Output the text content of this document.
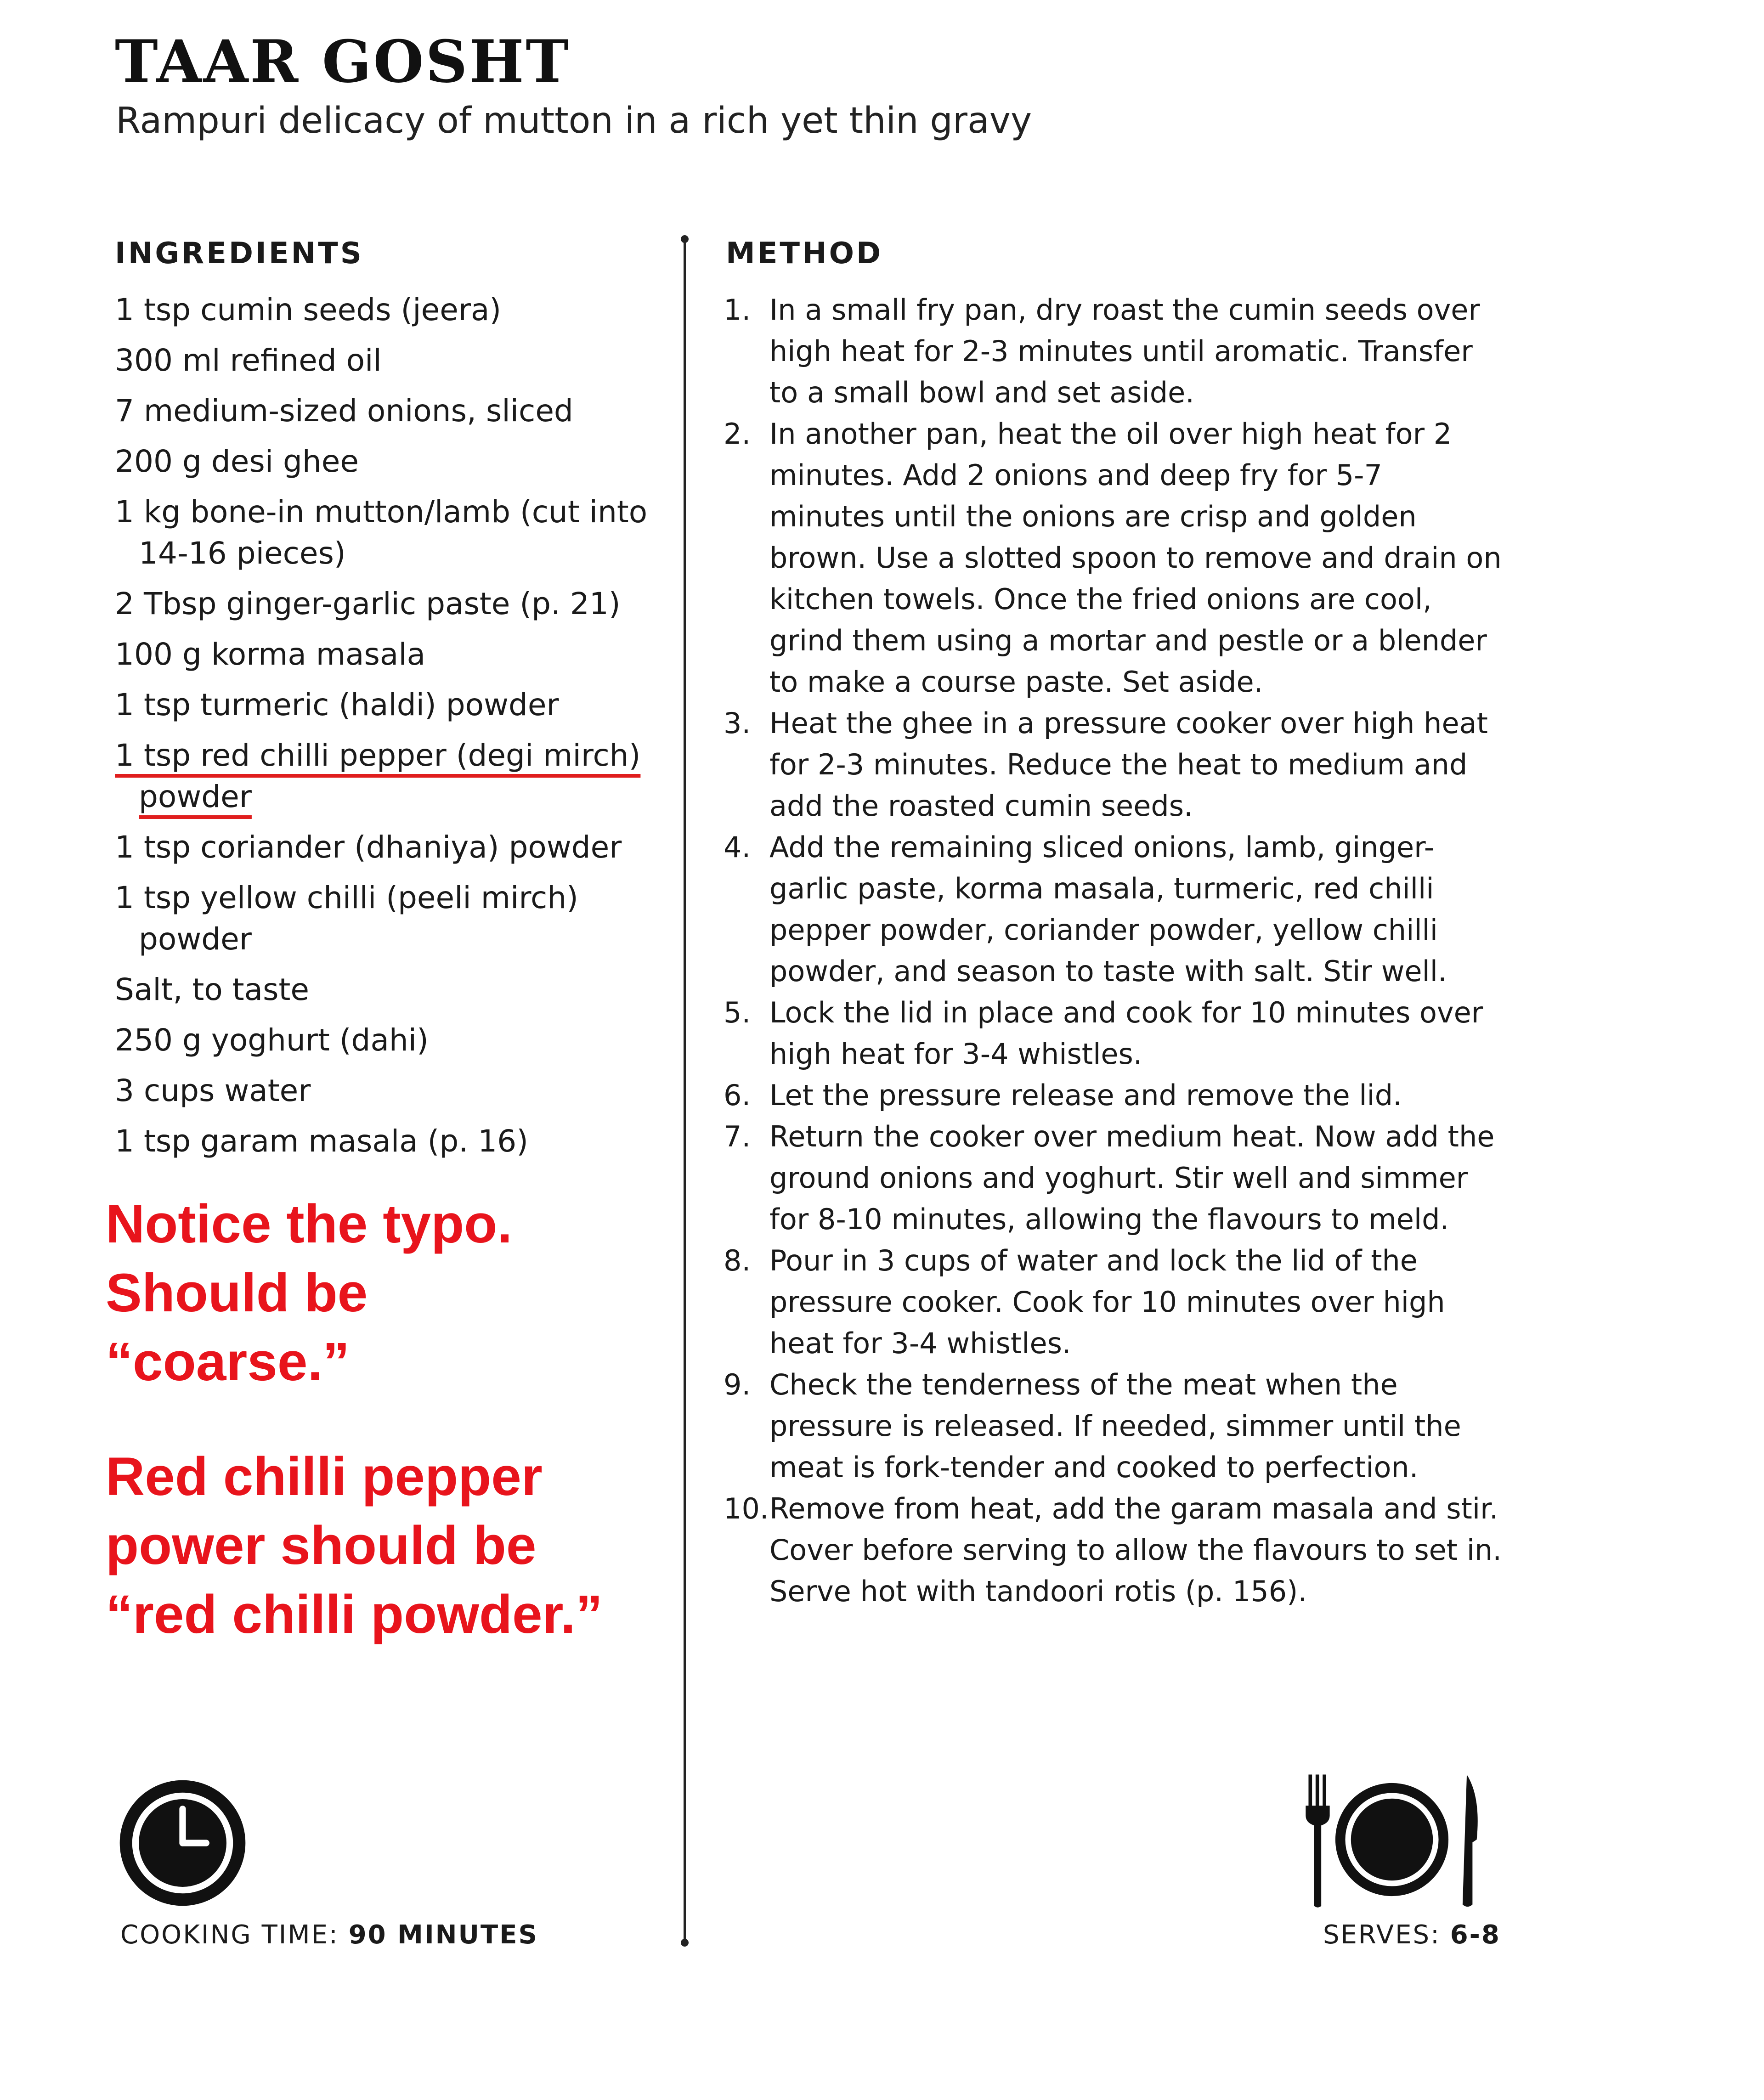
TAAR GOSHT

Rampuri delicacy of mutton in a rich yet thin gravy

INGREDIENTS
1 tsp cumin seeds (jeera)
300 ml refined oil
7 medium-sized onions, sliced
200 g desi ghee
1 kg bone-in mutton/lamb (cut into 14-16 pieces)
2 Tbsp ginger-garlic paste (p. 21)
100 g korma masala
1 tsp turmeric (haldi) powder
1 tsp red chilli pepper (degi mirch) powder
1 tsp coriander (dhaniya) powder
1 tsp yellow chilli (peeli mirch) powder
Salt, to taste
250 g yoghurt (dahi)
3 cups water
1 tsp garam masala (p. 16)
Notice the typo. Should be “coarse.”
Red chilli pepper power should be “red chilli powder.”
METHOD
1. In a small fry pan, dry roast the cumin seeds over high heat for 2-3 minutes until aromatic. Transfer to a small bowl and set aside.
2. In another pan, heat the oil over high heat for 2 minutes. Add 2 onions and deep fry for 5-7 minutes until the onions are crisp and golden brown. Use a slotted spoon to remove and drain on kitchen towels. Once the fried onions are cool, grind them using a mortar and pestle or a blender to make a course paste. Set aside.
3. Heat the ghee in a pressure cooker over high heat for 2-3 minutes. Reduce the heat to medium and add the roasted cumin seeds.
4. Add the remaining sliced onions, lamb, ginger-garlic paste, korma masala, turmeric, red chilli pepper powder, coriander powder, yellow chilli powder, and season to taste with salt. Stir well.
5. Lock the lid in place and cook for 10 minutes over high heat for 3-4 whistles.
6. Let the pressure release and remove the lid.
7. Return the cooker over medium heat. Now add the ground onions and yoghurt. Stir well and simmer for 8-10 minutes, allowing the flavours to meld.
8. Pour in 3 cups of water and lock the lid of the pressure cooker. Cook for 10 minutes over high heat for 3-4 whistles.
9. Check the tenderness of the meat when the pressure is released. If needed, simmer until the meat is fork-tender and cooked to perfection.
10. Remove from heat, add the garam masala and stir. Cover before serving to allow the flavours to set in. Serve hot with tandoori rotis (p. 156).

COOKING TIME: 90 MINUTES	SERVES: 6-8
